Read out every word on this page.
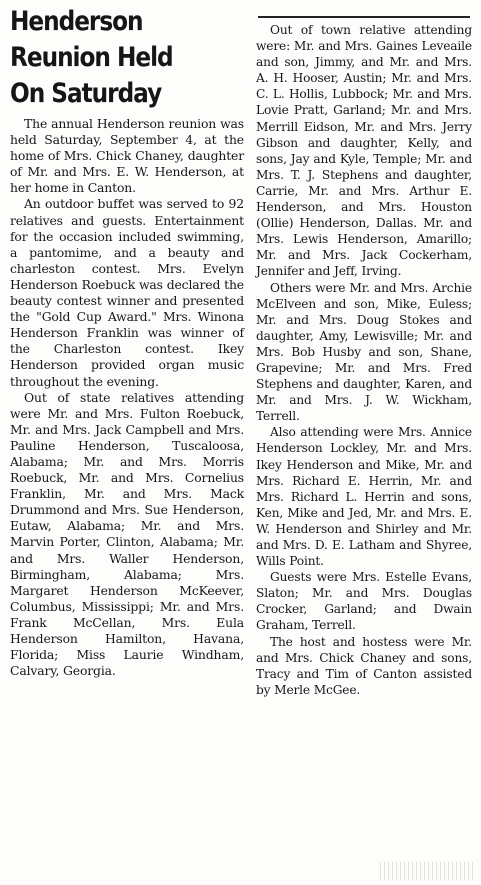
Henderson
Reunion Held
On Saturday

The annual Henderson reunion was held Saturday, September 4, at the home of Mrs. Chick Chaney, daughter of Mr. and Mrs. E. W. Henderson, at her home in Canton.

An outdoor buffet was served to 92 relatives and guests. Entertainment for the occasion included swimming, a pantomime, and a beauty and charleston contest. Mrs. Evelyn Henderson Roebuck was declared the beauty contest winner and presented the "Gold Cup Award." Mrs. Winona Henderson Franklin was winner of the Charleston contest. Ikey Henderson provided organ music throughout the evening.

Out of state relatives attending were Mr. and Mrs. Fulton Roebuck, Mr. and Mrs. Jack Campbell and Mrs. Pauline Henderson, Tuscaloosa, Alabama; Mr. and Mrs. Morris Roebuck, Mr. and Mrs. Cornelius Franklin, Mr. and Mrs. Mack Drummond and Mrs. Sue Henderson, Eutaw, Alabama; Mr. and Mrs. Marvin Porter, Clinton, Alabama; Mr. and Mrs. Waller Henderson, Birmingham, Alabama; Mrs. Margaret Henderson McKeever, Columbus, Mississippi; Mr. and Mrs. Frank McCellan, Mrs. Eula Henderson Hamilton, Havana, Florida; Miss Laurie Windham, Calvary, Georgia.

Out of town relative attending were: Mr. and Mrs. Gaines Leveaile and son, Jimmy, and Mr. and Mrs. A. H. Hooser, Austin; Mr. and Mrs. C. L. Hollis, Lubbock; Mr. and Mrs. Lovie Pratt, Garland; Mr. and Mrs. Merrill Eidson, Mr. and Mrs. Jerry Gibson and daughter, Kelly, and sons, Jay and Kyle, Temple; Mr. and Mrs. T. J. Stephens and daughter, Carrie, Mr. and Mrs. Arthur E. Henderson, and Mrs. Houston (Ollie) Henderson, Dallas. Mr. and Mrs. Lewis Henderson, Amarillo; Mr. and Mrs. Jack Cockerham, Jennifer and Jeff, Irving.

Others were Mr. and Mrs. Archie McElveen and son, Mike, Euless; Mr. and Mrs. Doug Stokes and daughter, Amy, Lewisville; Mr. and Mrs. Bob Husby and son, Shane, Grapevine; Mr. and Mrs. Fred Stephens and daughter, Karen, and Mr. and Mrs. J. W. Wickham, Terrell.

Also attending were Mrs. Annice Henderson Lockley, Mr. and Mrs. Ikey Henderson and Mike, Mr. and Mrs. Richard E. Herrin, Mr. and Mrs. Richard L. Herrin and sons, Ken, Mike and Jed, Mr. and Mrs. E. W. Henderson and Shirley and Mr. and Mrs. D. E. Latham and Shyree, Wills Point.

Guests were Mrs. Estelle Evans, Slaton; Mr. and Mrs. Douglas Crocker, Garland; and Dwain Graham, Terrell.

The host and hostess were Mr. and Mrs. Chick Chaney and sons, Tracy and Tim of Canton assisted by Merle McGee.
